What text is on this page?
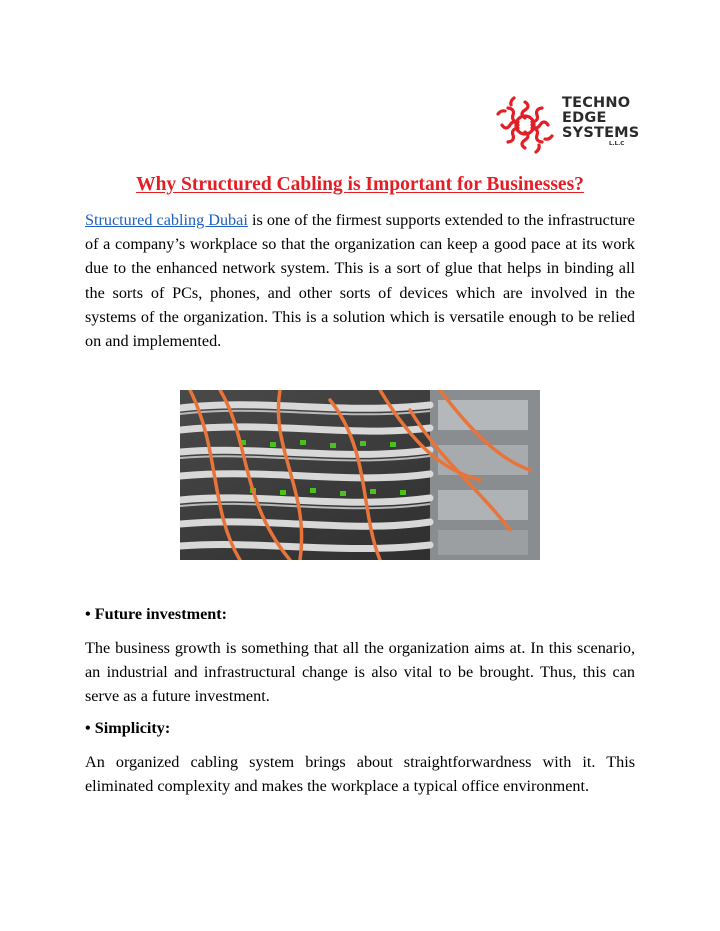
TECHNO
EDGE
SYSTEMS
L.L.C
Why Structured Cabling is Important for Businesses?
Structured cabling Dubai is one of the firmest supports extended to the infrastructure of a company’s workplace so that the organization can keep a good pace at its work due to the enhanced network system. This is a sort of glue that helps in binding all the sorts of PCs, phones, and other sorts of devices which are involved in the systems of the organization. This is a solution which is versatile enough to be relied on and implemented.
• Future investment:
The business growth is something that all the organization aims at. In this scenario, an industrial and infrastructural change is also vital to be brought. Thus, this can serve as a future investment.
• Simplicity:
An organized cabling system brings about straightforwardness with it. This eliminated complexity and makes the workplace a typical office environment.
